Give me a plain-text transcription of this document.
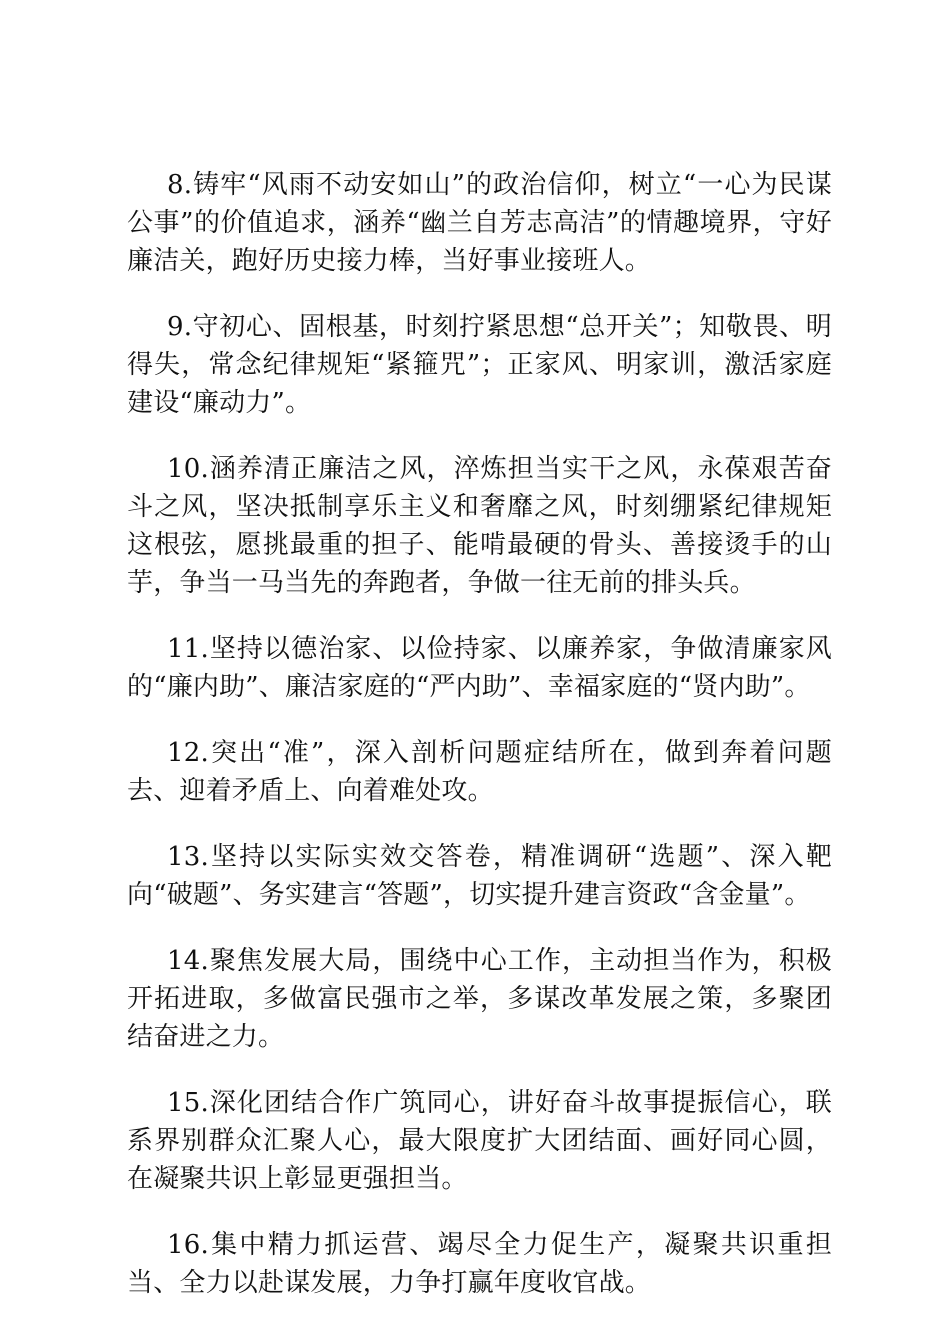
8.铸牢“风雨不动安如山”的政治信仰，树立“一心为民谋公事”的价值追求，涵养“幽兰自芳志高洁”的情趣境界，守好廉洁关，跑好历史接力棒，当好事业接班人。

9.守初心、固根基，时刻拧紧思想“总开关”；知敬畏、明得失，常念纪律规矩“紧箍咒”；正家风、明家训，激活家庭建设“廉动力”。

10.涵养清正廉洁之风，淬炼担当实干之风，永葆艰苦奋斗之风，坚决抵制享乐主义和奢靡之风，时刻绷紧纪律规矩这根弦，愿挑最重的担子、能啃最硬的骨头、善接烫手的山芋，争当一马当先的奔跑者，争做一往无前的排头兵。

11.坚持以德治家、以俭持家、以廉养家，争做清廉家风的“廉内助”、廉洁家庭的“严内助”、幸福家庭的“贤内助”。

12.突出“准”，深入剖析问题症结所在，做到奔着问题去、迎着矛盾上、向着难处攻。

13.坚持以实际实效交答卷，精准调研“选题”、深入靶向“破题”、务实建言“答题”，切实提升建言资政“含金量”。

14.聚焦发展大局，围绕中心工作，主动担当作为，积极开拓进取，多做富民强市之举，多谋改革发展之策，多聚团结奋进之力。

15.深化团结合作广筑同心，讲好奋斗故事提振信心，联系界别群众汇聚人心，最大限度扩大团结面、画好同心圆，在凝聚共识上彰显更强担当。

16.集中精力抓运营、竭尽全力促生产，凝聚共识重担当、全力以赴谋发展，力争打赢年度收官战。
